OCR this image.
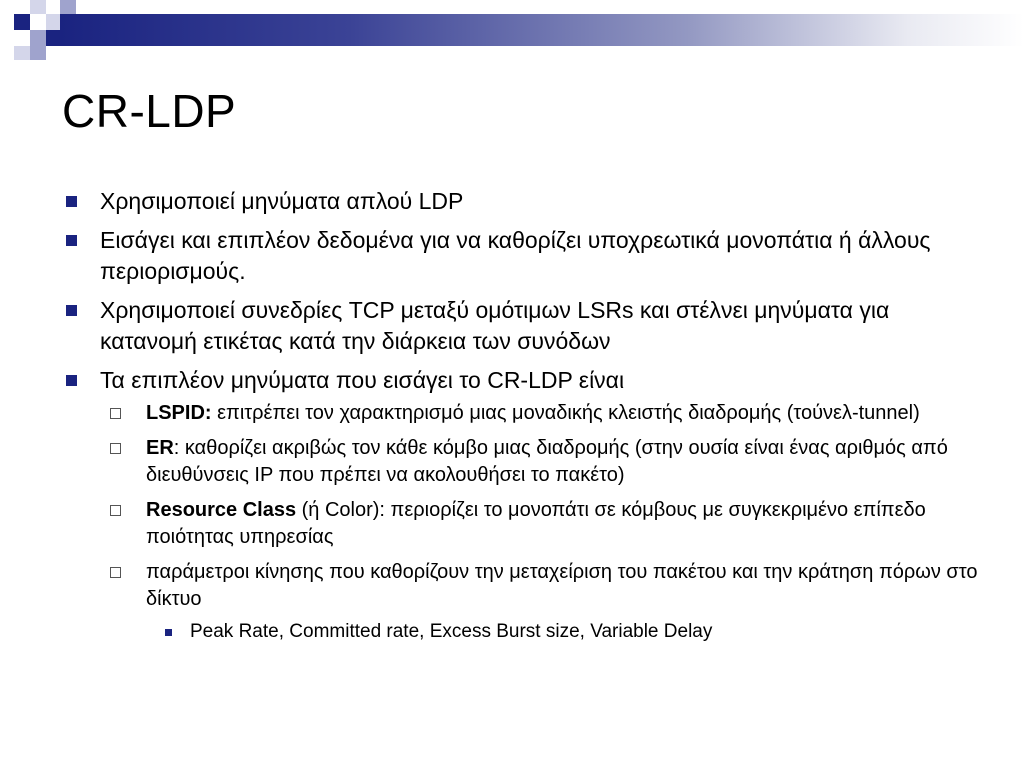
CR-LDP
Χρησιμοποιεί μηνύματα απλού LDP
Εισάγει και επιπλέον δεδομένα για να καθορίζει υποχρεωτικά μονοπάτια ή άλλους περιορισμούς.
Χρησιμοποιεί συνεδρίες TCP μεταξύ ομότιμων LSRs και στέλνει μηνύματα για κατανομή ετικέτας κατά την διάρκεια των συνόδων
Τα επιπλέον μηνύματα που εισάγει το CR-LDP είναι
LSPID: επιτρέπει τον χαρακτηρισμό μιας μοναδικής κλειστής διαδρομής (τούνελ-tunnel)
ER: καθορίζει ακριβώς τον κάθε κόμβο μιας διαδρομής (στην ουσία είναι ένας αριθμός από διευθύνσεις IP που πρέπει να ακολουθήσει το πακέτο)
Resource Class (ή Color): περιορίζει το μονοπάτι σε κόμβους με συγκεκριμένο επίπεδο ποιότητας υπηρεσίας
παράμετροι κίνησης που καθορίζουν την μεταχείριση του πακέτου και την κράτηση πόρων στο δίκτυο
Peak Rate, Committed rate, Excess Burst size, Variable Delay
